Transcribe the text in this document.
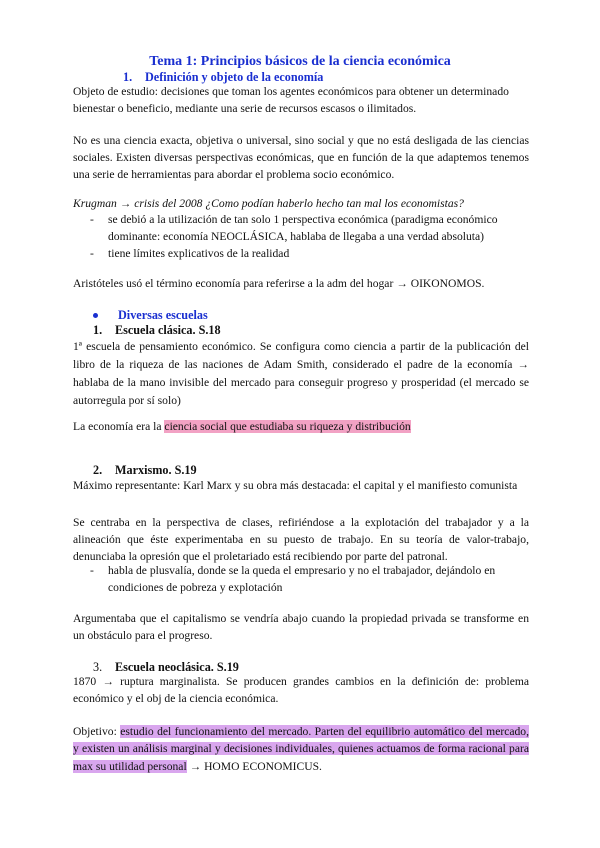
Tema 1: Principios básicos de la ciencia económica
1. Definición y objeto de la economía

Objeto de estudio: decisiones que toman los agentes económicos para obtener un determinado bienestar o beneficio, mediante una serie de recursos escasos o ilimitados.

No es una ciencia exacta, objetiva o universal, sino social y que no está desligada de las ciencias sociales. Existen diversas perspectivas económicas, que en función de la que adaptemos tenemos una serie de herramientas para abordar el problema socio económico.

Krugman → crisis del 2008 ¿Como podían haberlo hecho tan mal los economistas?

- se debió a la utilización de tan solo 1 perspectiva económica (paradigma económico dominante: economía NEOCLÁSICA, hablaba de llegaba a una verdad absoluta)
- tiene límites explicativos de la realidad

Aristóteles usó el término economía para referirse a la adm del hogar → OIKONOMOS.

Diversas escuelas
1. Escuela clásica. S.18

1ª escuela de pensamiento económico. Se configura como ciencia a partir de la publicación del libro de la riqueza de las naciones de Adam Smith, considerado el padre de la economía → hablaba de la mano invisible del mercado para conseguir progreso y prosperidad (el mercado se autorregula por sí solo)

La economía era la ciencia social que estudiaba su riqueza y distribución

2. Marxismo. S.19

Máximo representante: Karl Marx y su obra más destacada: el capital y el manifiesto comunista

Se centraba en la perspectiva de clases, refiriéndose a la explotación del trabajador y a la alineación que éste experimentaba en su puesto de trabajo. En su teoría de valor-trabajo, denunciaba la opresión que el proletariado está recibiendo por parte del patronal.

- habla de plusvalía, donde se la queda el empresario y no el trabajador, dejándolo en condiciones de pobreza y explotación

Argumentaba que el capitalismo se vendría abajo cuando la propiedad privada se transforme en un obstáculo para el progreso.

3. Escuela neoclásica. S.19

1870 → ruptura marginalista. Se producen grandes cambios en la definición de: problema económico y el obj de la ciencia económica.

Objetivo: estudio del funcionamiento del mercado. Parten del equilibrio automático del mercado, y existen un análisis marginal y decisiones individuales, quienes actuamos de forma racional para max su utilidad personal → HOMO ECONOMICUS.
